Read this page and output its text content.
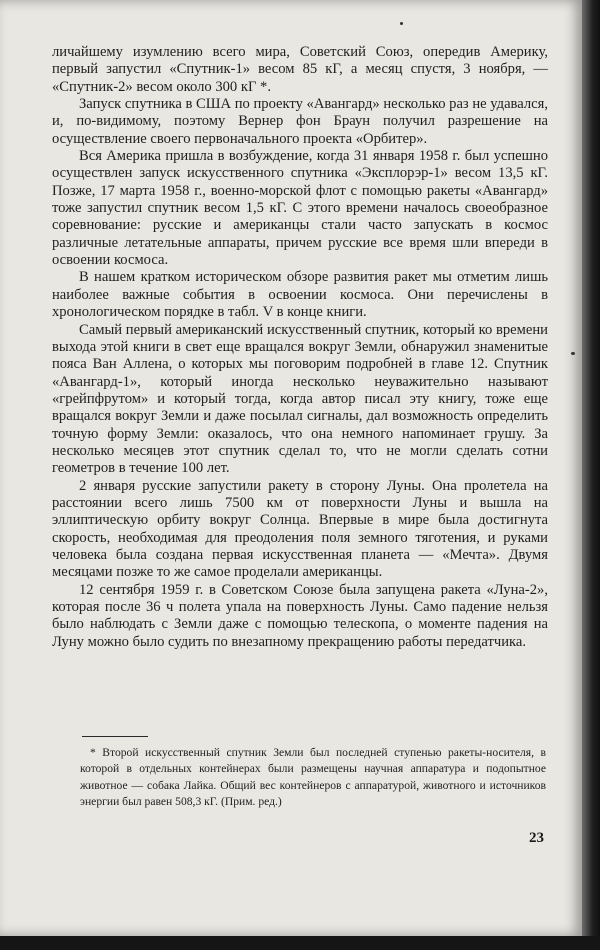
личайшему изумлению всего мира, Советский Союз, опередив Америку, первый запустил «Спутник-1» весом 85 кГ, а месяц спустя, 3 ноября, — «Спутник-2» весом около 300 кГ *.

Запуск спутника в США по проекту «Авангард» несколько раз не удавался, и, по-видимому, поэтому Вернер фон Браун получил разрешение на осуществление своего первоначального проекта «Орбитер».

Вся Америка пришла в возбуждение, когда 31 января 1958 г. был успешно осуществлен запуск искусственного спутника «Эксплорэр-1» весом 13,5 кГ. Позже, 17 марта 1958 г., военно-морской флот с помощью ракеты «Авангард» тоже запустил спутник весом 1,5 кГ. С этого времени началось своеобразное соревнование: русские и американцы стали часто запускать в космос различные летательные аппараты, причем русские все время шли впереди в освоении космоса.

В нашем кратком историческом обзоре развития ракет мы отметим лишь наиболее важные события в освоении космоса. Они перечислены в хронологическом порядке в табл. V в конце книги.

Самый первый американский искусственный спутник, который ко времени выхода этой книги в свет еще вращался вокруг Земли, обнаружил знаменитые пояса Ван Аллена, о которых мы поговорим подробней в главе 12. Спутник «Авангард-1», который иногда несколько неуважительно называют «грейпфрутом» и который тогда, когда автор писал эту книгу, тоже еще вращался вокруг Земли и даже посылал сигналы, дал возможность определить точную форму Земли: оказалось, что она немного напоминает грушу. За несколько месяцев этот спутник сделал то, что не могли сделать сотни геометров в течение 100 лет.

2 января русские запустили ракету в сторону Луны. Она пролетела на расстоянии всего лишь 7500 км от поверхности Луны и вышла на эллиптическую орбиту вокруг Солнца. Впервые в мире была достигнута скорость, необходимая для преодоления поля земного тяготения, и руками человека была создана первая искусственная планета — «Мечта». Двумя месяцами позже то же самое проделали американцы.

12 сентября 1959 г. в Советском Союзе была запущена ракета «Луна-2», которая после 36 ч полета упала на поверхность Луны. Само падение нельзя было наблюдать с Земли даже с помощью телескопа, о моменте падения на Луну можно было судить по внезапному прекращению работы передатчика.

* Второй искусственный спутник Земли был последней ступенью ракеты-носителя, в которой в отдельных контейнерах были размещены научная аппаратура и подопытное животное — собака Лайка. Общий вес контейнеров с аппаратурой, животного и источников энергии был равен 508,3 кГ. (Прим. ред.)
23
